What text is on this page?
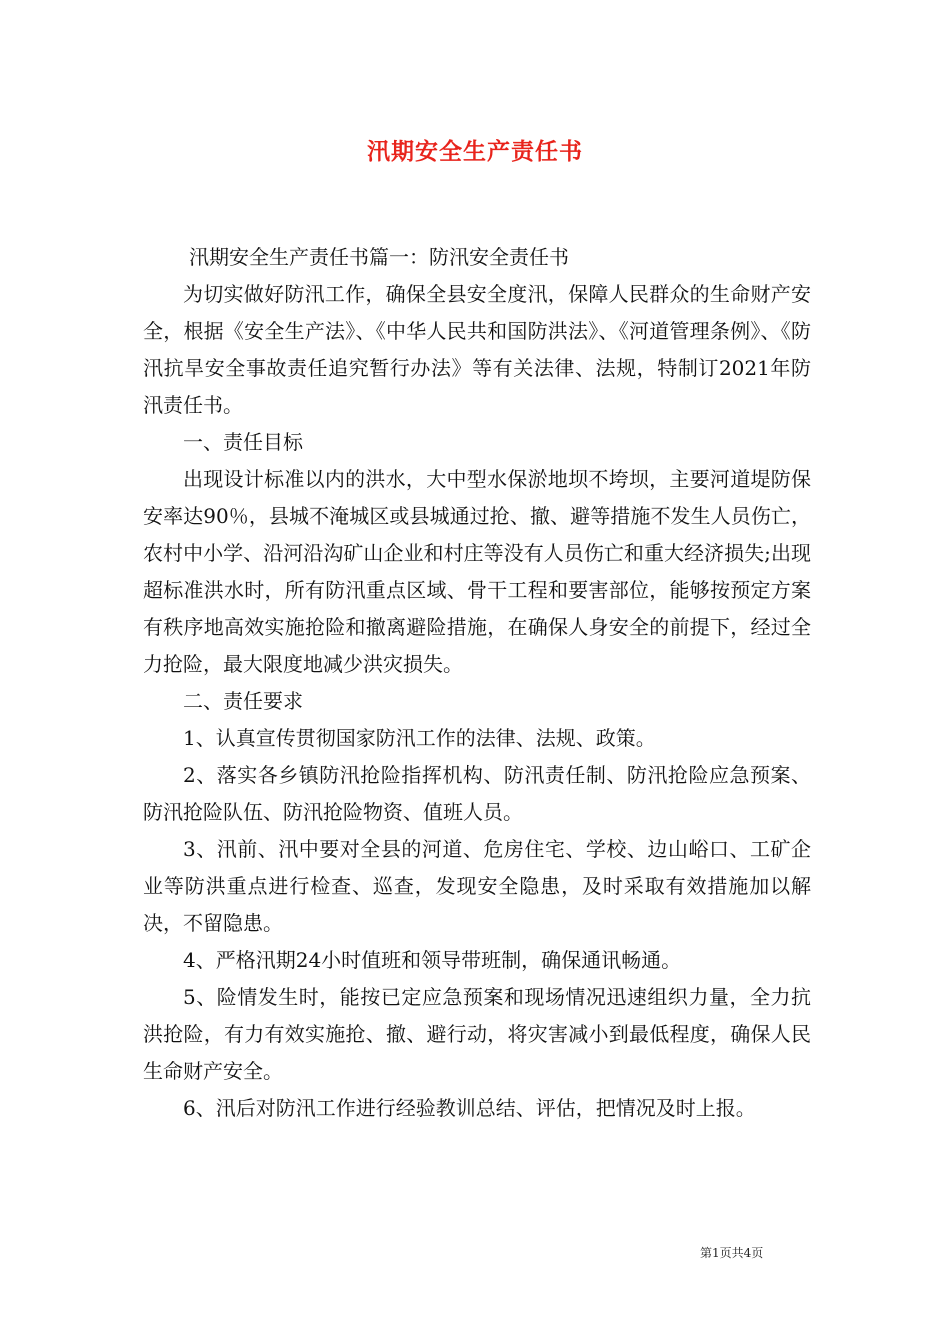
汛期安全生产责任书

汛期安全生产责任书篇一：防汛安全责任书

为切实做好防汛工作，确保全县安全度汛，保障人民群众的生命财产安全，根据《安全生产法》、《中华人民共和国防洪法》、《河道管理条例》、《防汛抗旱安全事故责任追究暂行办法》等有关法律、法规，特制订2021年防汛责任书。

一、责任目标

出现设计标准以内的洪水，大中型水保淤地坝不垮坝，主要河道堤防保安率达90％，县城不淹城区或县城通过抢、撤、避等措施不发生人员伤亡，农村中小学、沿河沿沟矿山企业和村庄等没有人员伤亡和重大经济损失;出现超标准洪水时，所有防汛重点区域、骨干工程和要害部位，能够按预定方案有秩序地高效实施抢险和撤离避险措施，在确保人身安全的前提下，经过全力抢险，最大限度地减少洪灾损失。

二、责任要求

1、认真宣传贯彻国家防汛工作的法律、法规、政策。

2、落实各乡镇防汛抢险指挥机构、防汛责任制、防汛抢险应急预案、防汛抢险队伍、防汛抢险物资、值班人员。

3、汛前、汛中要对全县的河道、危房住宅、学校、边山峪口、工矿企业等防洪重点进行检查、巡查，发现安全隐患，及时采取有效措施加以解决，不留隐患。

4、严格汛期24小时值班和领导带班制，确保通讯畅通。

5、险情发生时，能按已定应急预案和现场情况迅速组织力量，全力抗洪抢险，有力有效实施抢、撤、避行动，将灾害减小到最低程度，确保人民生命财产安全。

6、汛后对防汛工作进行经验教训总结、评估，把情况及时上报。

第1页共4页
